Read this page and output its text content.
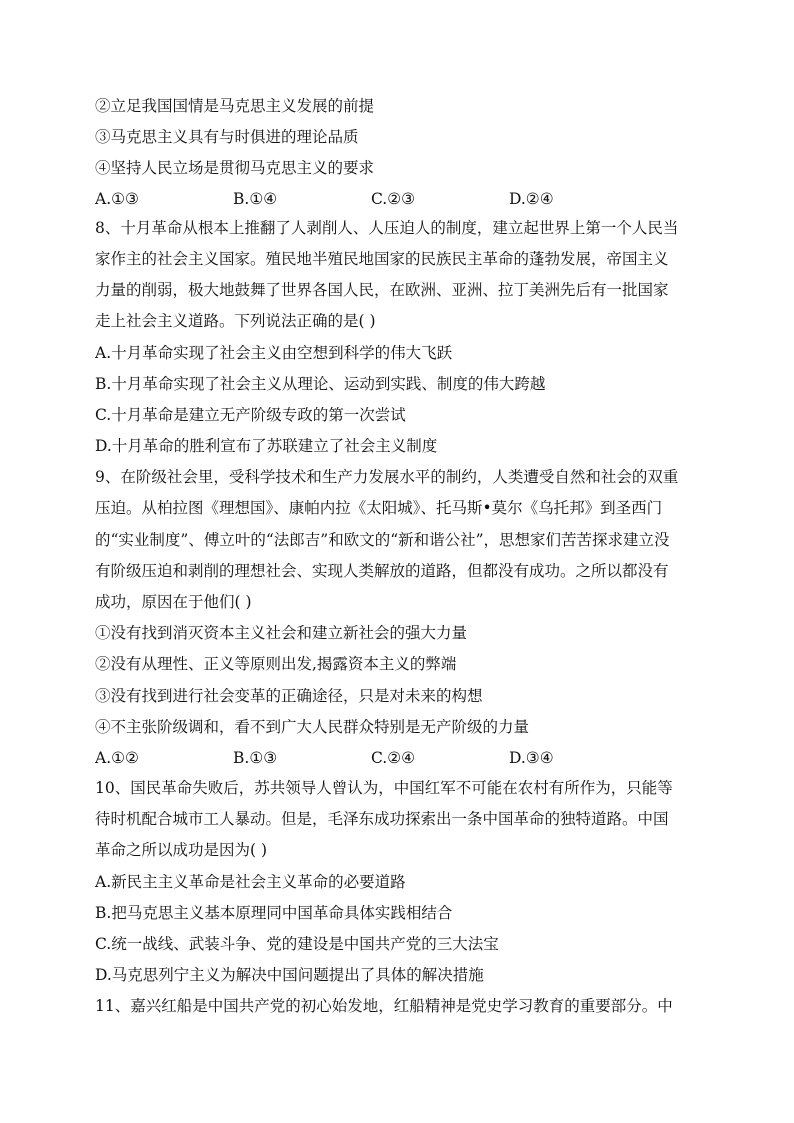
②立足我国国情是马克思主义发展的前提
③马克思主义具有与时俱进的理论品质
④坚持人民立场是贯彻马克思主义的要求
A.①③	B.①④	C.②③	D.②④
8、十月革命从根本上推翻了人剥削人、人压迫人的制度，建立起世界上第一个人民当
家作主的社会主义国家。殖民地半殖民地国家的民族民主革命的蓬勃发展，帝国主义
力量的削弱，极大地鼓舞了世界各国人民，在欧洲、亚洲、拉丁美洲先后有一批国家
走上社会主义道路。下列说法正确的是( )
A.十月革命实现了社会主义由空想到科学的伟大飞跃
B.十月革命实现了社会主义从理论、运动到实践、制度的伟大跨越
C.十月革命是建立无产阶级专政的第一次尝试
D.十月革命的胜利宣布了苏联建立了社会主义制度
9、在阶级社会里，受科学技术和生产力发展水平的制约，人类遭受自然和社会的双重
压迫。从柏拉图《理想国》、康帕内拉《太阳城》、托马斯•莫尔《乌托邦》到圣西门
的“实业制度”、傅立叶的“法郎吉”和欧文的“新和谐公社”，思想家们苦苦探求建立没
有阶级压迫和剥削的理想社会、实现人类解放的道路，但都没有成功。之所以都没有
成功，原因在于他们( )
①没有找到消灭资本主义社会和建立新社会的强大力量
②没有从理性、正义等原则出发,揭露资本主义的弊端
③没有找到进行社会变革的正确途径，只是对未来的构想
④不主张阶级调和，看不到广大人民群众特别是无产阶级的力量
A.①②	B.①③	C.②④	D.③④
10、国民革命失败后，苏共领导人曾认为，中国红军不可能在农村有所作为，只能等
待时机配合城市工人暴动。但是，毛泽东成功探索出一条中国革命的独特道路。中国
革命之所以成功是因为( )
A.新民主主义革命是社会主义革命的必要道路
B.把马克思主义基本原理同中国革命具体实践相结合
C.统一战线、武装斗争、党的建设是中国共产党的三大法宝
D.马克思列宁主义为解决中国问题提出了具体的解决措施
11、嘉兴红船是中国共产党的初心始发地，红船精神是党史学习教育的重要部分。中
